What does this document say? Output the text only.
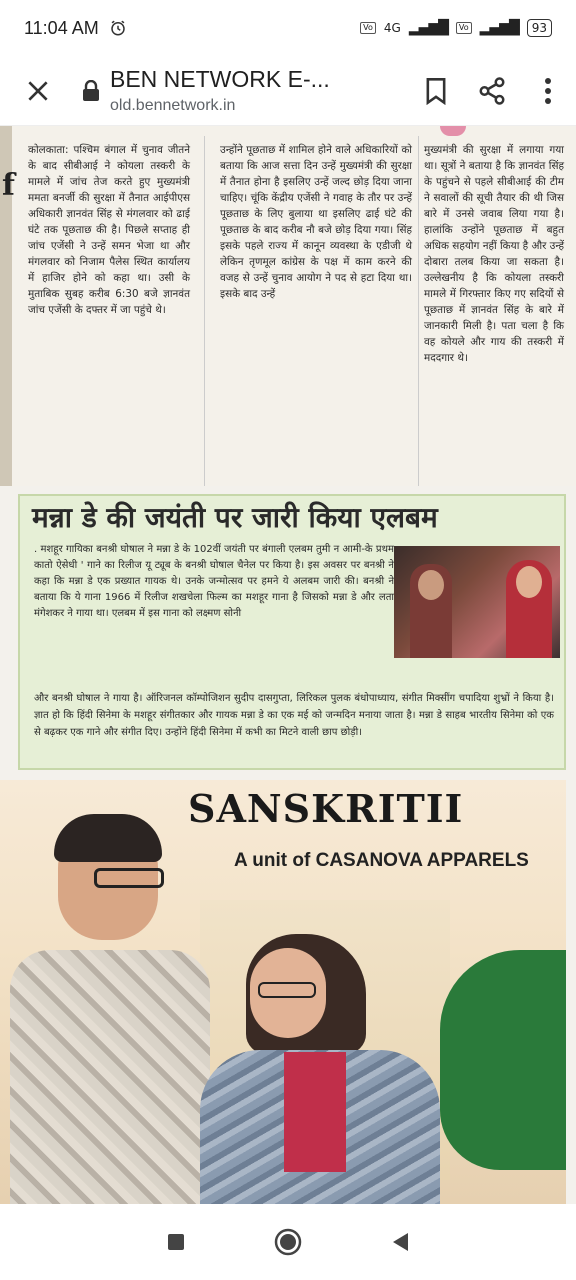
11:04 AM	Vo 4G ▂▄▆█	Vo ▂▄▆█	93
BEN NETWORK E-...
old.bennetwork.in
f
कोलकाता: पश्चिम बंगाल में चुनाव जीतने के बाद सीबीआई ने कोयला तस्करी के मामले में जांच तेज करते हुए मुख्यमंत्री ममता बनर्जी की सुरक्षा में तैनात आईपीएस अधिकारी ज्ञानवंत सिंह से मंगलवार को ढाई घंटे तक पूछताछ की है। पिछले सप्ताह ही जांच एजेंसी ने उन्हें समन भेजा था और मंगलवार को निजाम पैलेस स्थित कार्यालय में हाजिर होने को कहा था। उसी के मुताबिक सुबह करीब 6:30 बजे ज्ञानवंत जांच एजेंसी के दफ्तर में जा पहुंचे थे।
उन्होंने पूछताछ में शामिल होने वाले अधिकारियों को बताया कि आज सत्ता दिन उन्हें मुख्यमंत्री की सुरक्षा में तैनात होना है इसलिए उन्हें जल्द छोड़ दिया जाना चाहिए। चूंकि केंद्रीय एजेंसी ने गवाह के तौर पर उन्हें पूछताछ के लिए बुलाया था इसलिए ढाई घंटे की पूछताछ के बाद करीब नौ बजे छोड़ दिया गया। सिंह इसके पहले राज्य में कानून व्यवस्था के एडीजी थे लेकिन तृणमूल कांग्रेस के पक्ष में काम करने की वजह से उन्हें चुनाव आयोग ने पद से हटा दिया था। इसके बाद उन्हें
मुख्यमंत्री की सुरक्षा में लगाया गया था। सूत्रों ने बताया है कि ज्ञानवंत सिंह के पहुंचने से पहले सीबीआई की टीम ने सवालों की सूची तैयार की थी जिस बारे में उनसे जवाब लिया गया है। हालांकि उन्होंने पूछताछ में बहुत अधिक सहयोग नहीं किया है और उन्हें दोबारा तलब किया जा सकता है। उल्लेखनीय है कि कोयला तस्करी मामले में गिरफ्तार किए गए सदियों से पूछताछ में ज्ञानवंत सिंह के बारे में जानकारी मिली है। पता चला है कि वह कोयले और गाय की तस्करी में मददगार थे।
मन्ना डे की जयंती पर जारी किया एलबम
. मशहूर गायिका बनश्री घोषाल ने मन्ना डे के 102वीं जयंती पर बंगाली एलबम तुमी न आमी-के प्रथम कातो ऐसेधी ' गाने का रिलीज यू ट्यूब के बनश्री घोषाल चैनेल पर किया है। इस अवसर पर बनश्री ने कहा कि मन्ना डे एक प्रख्यात गायक थे। उनके जन्मोत्सव पर हमने ये अलबम जारी की। बनश्री ने बताया कि ये गाना 1966 में रिलीज शखचेला फिल्म का मशहूर गाना है जिसको मन्ना डे और लता मंगेशकर ने गाया था। एलबम में इस गाना को लक्ष्मण सोनी
और बनश्री घोषाल ने गाया है। ऑरिजनल कॉम्पोजिशन सुदीप दासगुप्ता, लिरिकल पुलक बंधोपाध्याय, संगीत मिक्सींग चपादिया शुभ्रों ने किया है। ज्ञात हो कि हिंदी सिनेमा के मशहूर संगीतकार और गायक मन्ना डे का एक मई को जन्मदिन मनाया जाता है। मन्ना डे साहब भारतीय सिनेमा को एक से बढ़कर एक गाने और संगीत दिए। उन्होंने हिंदी सिनेमा में कभी का मिटने वाली छाप छोड़ी।
SANSKRITII
A unit of CASANOVA APPARELS
